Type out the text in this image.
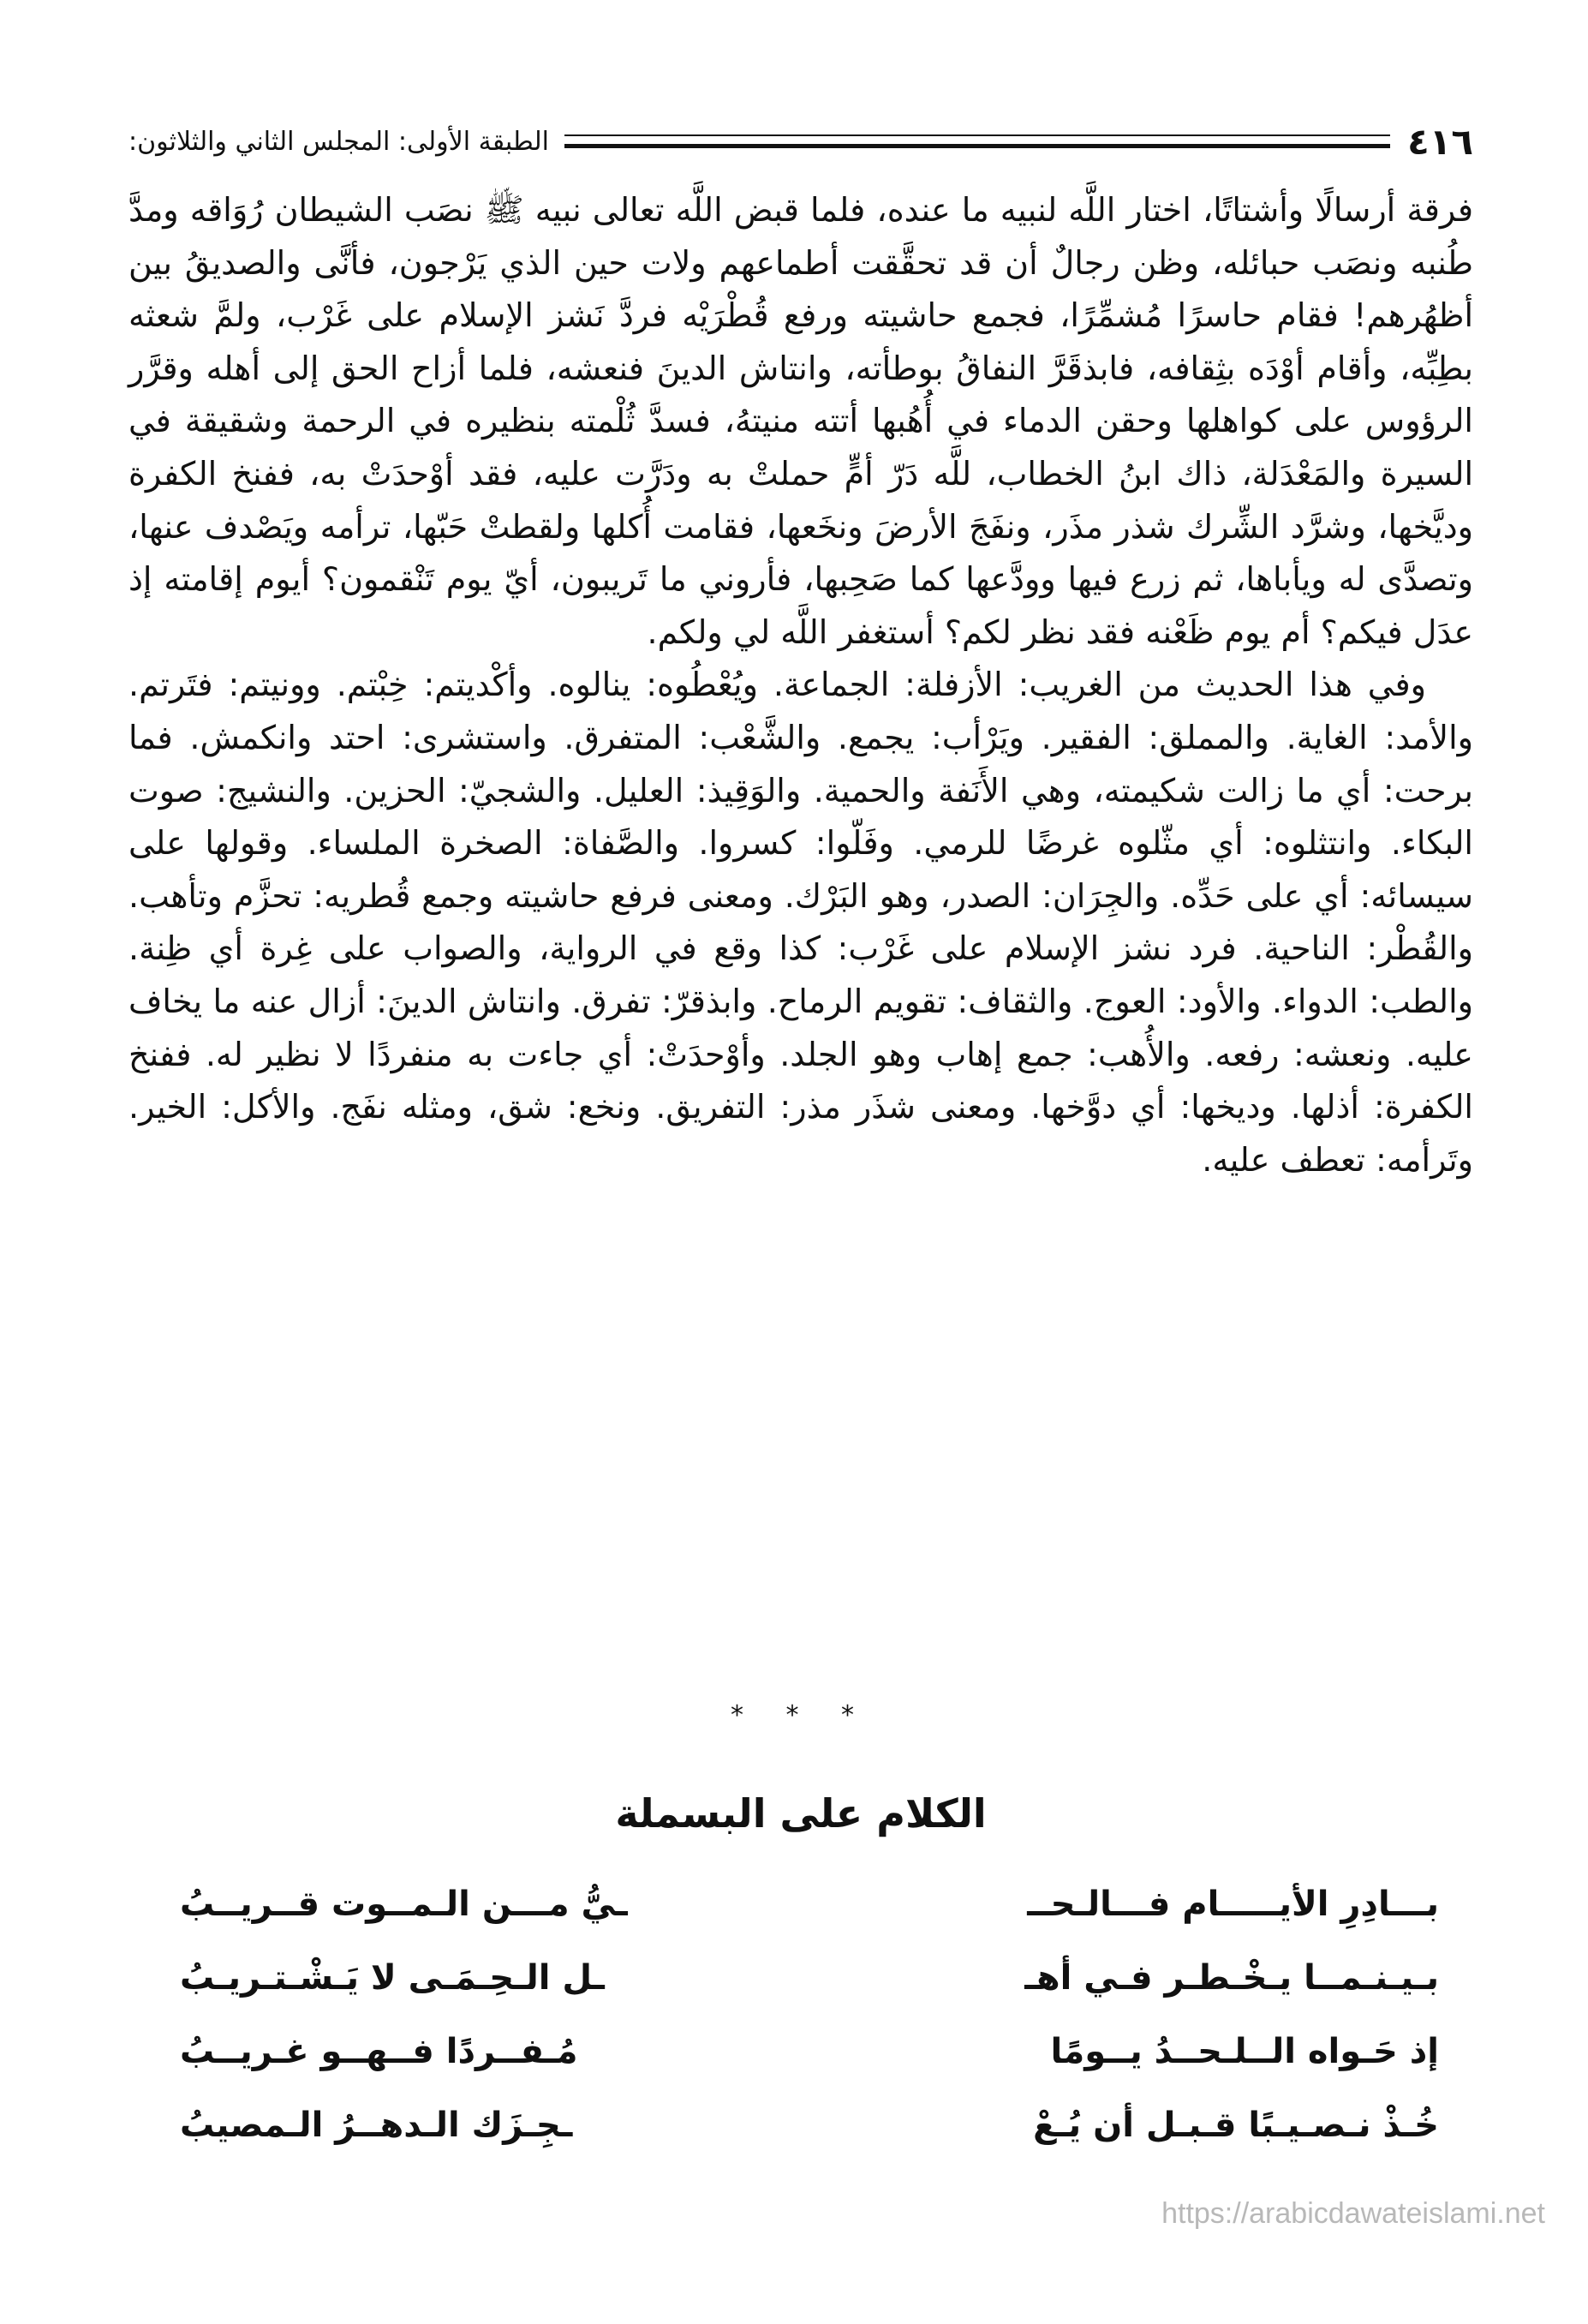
٤١٦
الطبقة الأولى: المجلس الثاني والثلاثون:

فرقة أرسالًا وأشتاتًا، اختار اللَّه لنبيه ما عنده، فلما قبض اللَّه تعالى نبيه ﷺ نصَب الشيطان رُوَاقه ومدَّ طُنبه ونصَب حبائله، وظن رجالٌ أن قد تحقَّقت أطماعهم ولات حين الذي يَرْجون، فأنَّى والصديقُ بين أظهُرهم! فقام حاسرًا مُشمِّرًا، فجمع حاشيته ورفع قُطْرَيْه فردَّ نَشز الإسلام على غَرْب، ولمَّ شعثه بطِبِّه، وأقام أوْدَه بثِقافه، فابذقَرَّ النفاقُ بوطأته، وانتاش الدينَ فنعشه، فلما أزاح الحق إلى أهله وقرَّر الرؤوس على كواهلها وحقن الدماء في أُهُبها أتته منيتهُ، فسدَّ ثُلْمته بنظيره في الرحمة وشقيقة في السيرة والمَعْدَلة، ذاك ابنُ الخطاب، للَّه دَرّ أمٍّ حملتْ به ودَرَّت عليه، فقد أوْحدَتْ به، ففنخ الكفرة وديَّخها، وشرَّد الشِّرك شذر مذَر، ونفَجَ الأرضَ ونخَعها، فقامت أُكلها ولقطتْ حَبّها، ترأمه ويَصْدف عنها، وتصدَّى له ويأباها، ثم زرع فيها وودَّعها كما صَحِبها، فأروني ما تَريبون، أيّ يوم تَنْقمون؟ أيوم إقامته إذ عدَل فيكم؟ أم يوم ظَعْنه فقد نظر لكم؟ أستغفر اللَّه لي ولكم.

وفي هذا الحديث من الغريب: الأزفلة: الجماعة. ويُعْطُوه: ينالوه. وأكْديتم: خِبْتم. وونيتم: فتَرتم. والأمد: الغاية. والمملق: الفقير. ويَرْأب: يجمع. والشَّعْب: المتفرق. واستشرى: احتد وانكمش. فما برحت: أي ما زالت شكيمته، وهي الأَنَفة والحمية. والوَقِيذ: العليل. والشجيّ: الحزين. والنشيج: صوت البكاء. وانتثلوه: أي مثّلوه غرضًا للرمي. وفَلّوا: كسروا. والصَّفاة: الصخرة الملساء. وقولها على سيسائه: أي على حَدِّه. والجِرَان: الصدر، وهو البَرْك. ومعنى فرفع حاشيته وجمع قُطريه: تحزَّم وتأهب. والقُطْر: الناحية. فرد نشز الإسلام على غَرْب: كذا وقع في الرواية، والصواب على غِرة أي ظِنة. والطب: الدواء. والأود: العوج. والثقاف: تقويم الرماح. وابذقرّ: تفرق. وانتاش الدينَ: أزال عنه ما يخاف عليه. ونعشه: رفعه. والأُهب: جمع إهاب وهو الجلد. وأوْحدَتْ: أي جاءت به منفردًا لا نظير له. ففنخ الكفرة: أذلها. وديخها: أي دوَّخها. ومعنى شذَر مذر: التفريق. ونخع: شق، ومثله نفَج. والأكل: الخير. وتَرأمه: تعطف عليه.

* * *
الكلام على البسملة
بـــادِرِ الأيـــــام فـــالـحــ
ـيُّ مـــن الـمــوت قــريــبُ
بـيـنـمــا يـخْـطـر فـي أهـ
ـل الـحِـمَـى لا يَـشْـتـريـبُ
إذ حَـواه الــلـحــدُ يــومًا
مُـفــردًا فــهــو غـريــبُ
خُـذْ نـصـيـبًا قـبـل أن يُـعْ
ـجِـزَك الـدهــرُ الـمصيبُ
https://arabicdawateislami.net
